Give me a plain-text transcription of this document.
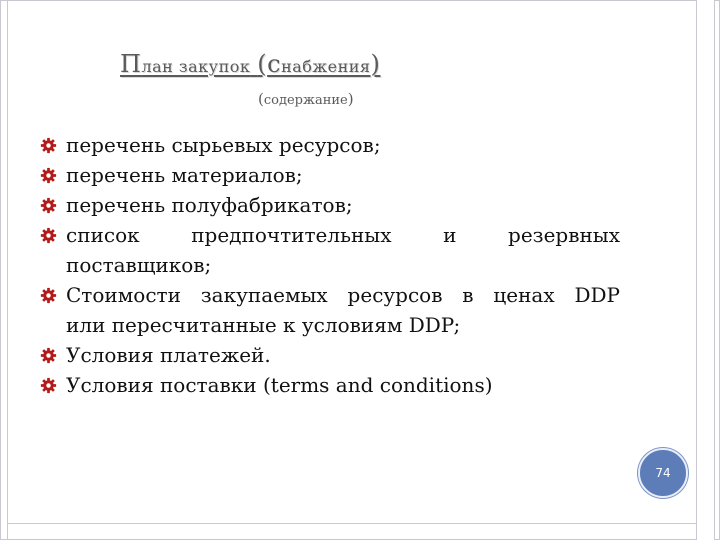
План закупок (снабжения)
(содержание)
перечень сырьевых ресурсов;
перечень материалов;
перечень полуфабрикатов;
список предпочтительных и резервных
поставщиков;
Стоимости закупаемых ресурсов в ценах DDP
или пересчитанные к условиям DDP;
Условия платежей.
Условия поставки (terms and conditions)
74
